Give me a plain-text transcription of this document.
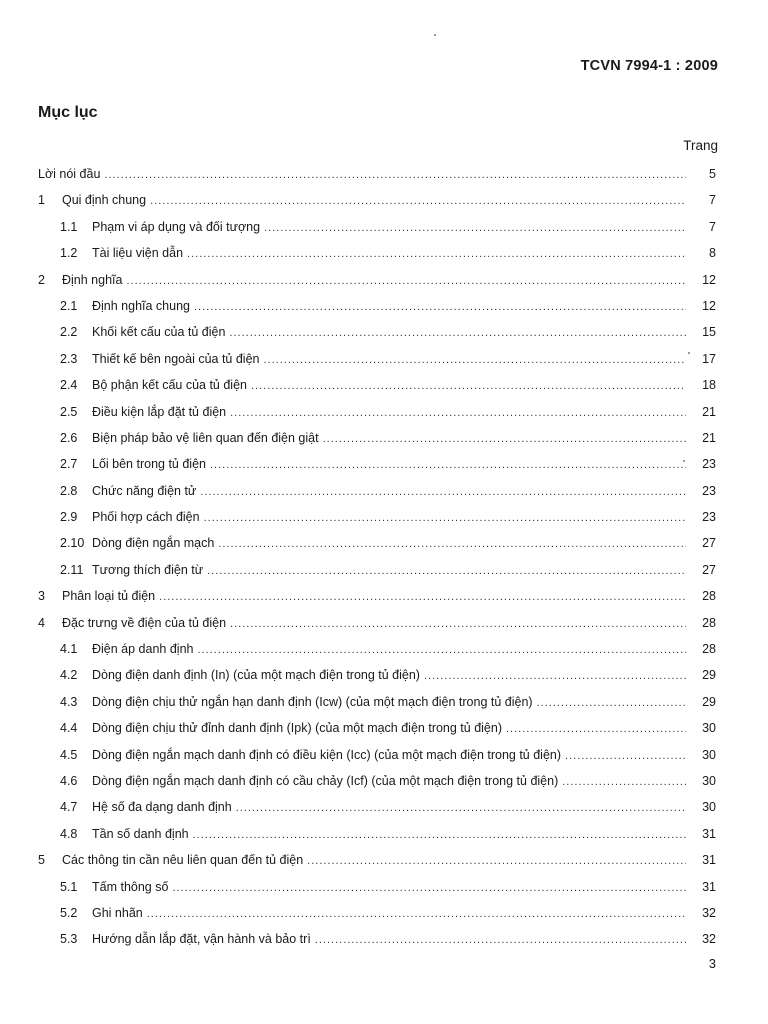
TCVN 7994-1 : 2009
Mục lục
Trang
Lời nói đầu .....	5
1	Qui định chung .....	7
1.1	Phạm vi áp dụng và đối tượng .....	7
1.2	Tài liệu viện dẫn .....	8
2	Định nghĩa .....	12
2.1	Định nghĩa chung .....	12
2.2	Khối kết cấu của tủ điện .....	15
2.3	Thiết kế bên ngoài của tủ điện .....	17
2.4	Bộ phận kết cấu của tủ điện .....	18
2.5	Điều kiện lắp đặt tủ điện .....	21
2.6	Biện pháp bảo vệ liên quan đến điện giật .....	21
2.7	Lối bên trong tủ điện .....	23
2.8	Chức năng điện tử .....	23
2.9	Phối hợp cách điện .....	23
2.10 Dòng điện ngắn mạch .....	27
2.11 Tương thích điện từ .....	27
3	Phân loại tủ điện .....	28
4	Đặc trưng về điện của tủ điện .....	28
4.1	Điện áp danh định .....	28
4.2	Dòng điện danh định (In) (của một mạch điện trong tủ điện) .....	29
4.3	Dòng điện chịu thử ngắn hạn danh định (Icw) (của một mạch điện trong tủ điện) .....	29
4.4	Dòng điện chịu thử đỉnh danh định (Ipk) (của một mạch điện trong tủ điện) .....	30
4.5	Dòng điện ngắn mạch danh định có điều kiện (Icc) (của một mạch điện trong tủ điện) .....	30
4.6	Dòng điện ngắn mạch danh định có cầu chảy (Icf) (của một mạch điện trong tủ điện) .....	30
4.7	Hệ số đa dạng danh định .....	30
4.8	Tần số danh định .....	31
5	Các thông tin cần nêu liên quan đến tủ điện .....	31
5.1	Tấm thông số .....	31
5.2	Ghi nhãn .....	32
5.3	Hướng dẫn lắp đặt, vận hành và bảo trì .....	32
3
